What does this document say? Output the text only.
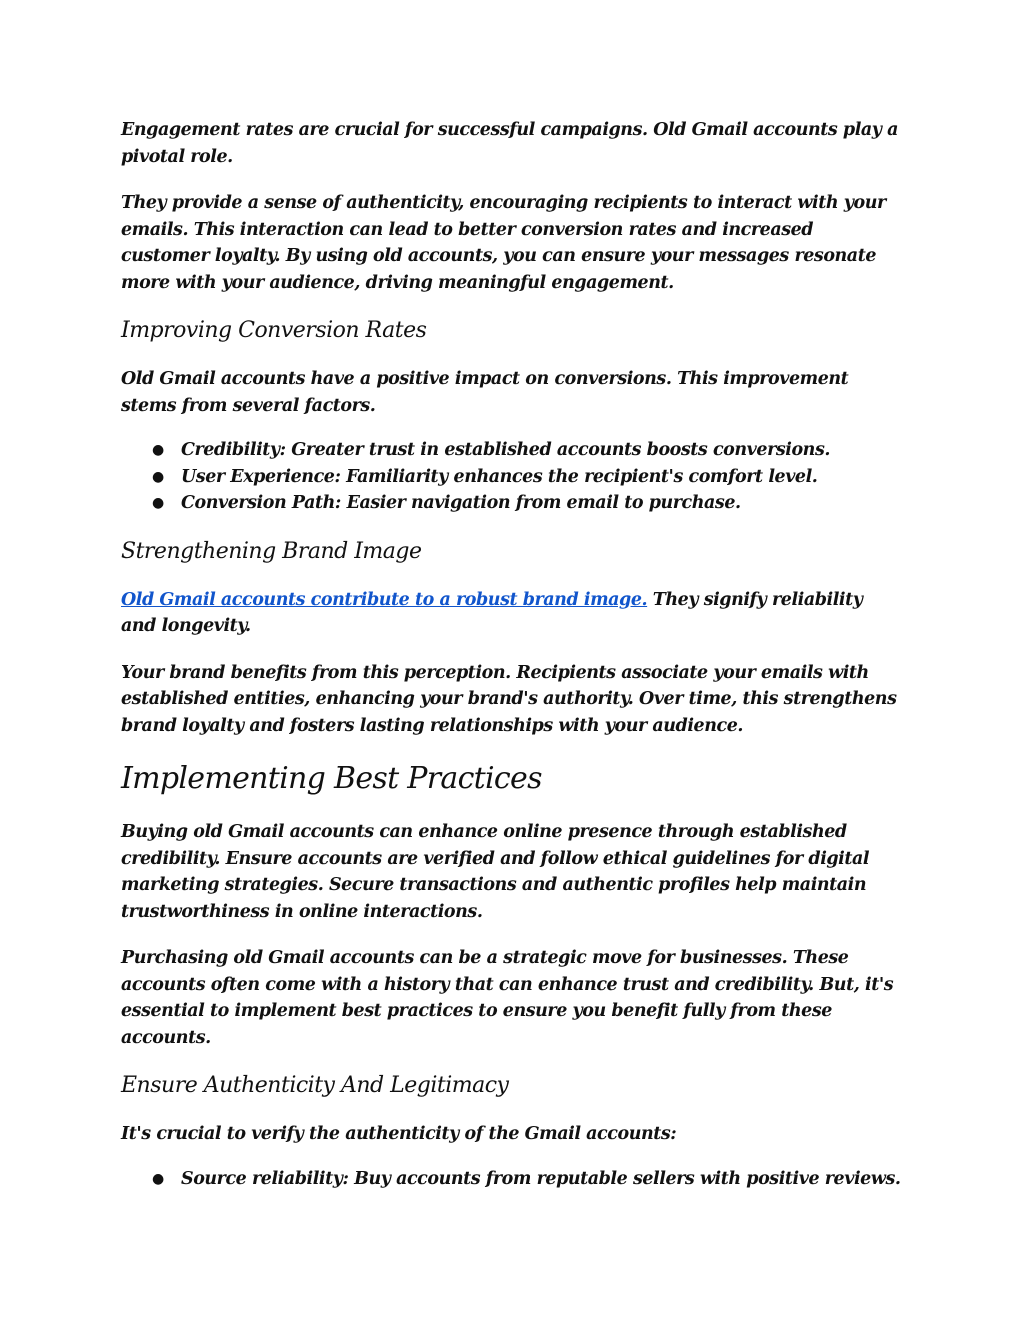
Engagement rates are crucial for successful campaigns. Old Gmail accounts play a pivotal role.

They provide a sense of authenticity, encouraging recipients to interact with your emails. This interaction can lead to better conversion rates and increased customer loyalty. By using old accounts, you can ensure your messages resonate more with your audience, driving meaningful engagement.

Improving Conversion Rates

Old Gmail accounts have a positive impact on conversions. This improvement stems from several factors.

● Credibility: Greater trust in established accounts boosts conversions.
● User Experience: Familiarity enhances the recipient's comfort level.
● Conversion Path: Easier navigation from email to purchase.
Strengthening Brand Image

Old Gmail accounts contribute to a robust brand image. They signify reliability and longevity.

Your brand benefits from this perception. Recipients associate your emails with established entities, enhancing your brand's authority. Over time, this strengthens brand loyalty and fosters lasting relationships with your audience.

Implementing Best Practices

Buying old Gmail accounts can enhance online presence through established credibility. Ensure accounts are verified and follow ethical guidelines for digital marketing strategies. Secure transactions and authentic profiles help maintain trustworthiness in online interactions.

Purchasing old Gmail accounts can be a strategic move for businesses. These accounts often come with a history that can enhance trust and credibility. But, it's essential to implement best practices to ensure you benefit fully from these accounts.

Ensure Authenticity And Legitimacy

It's crucial to verify the authenticity of the Gmail accounts:

● Source reliability: Buy accounts from reputable sellers with positive reviews.
